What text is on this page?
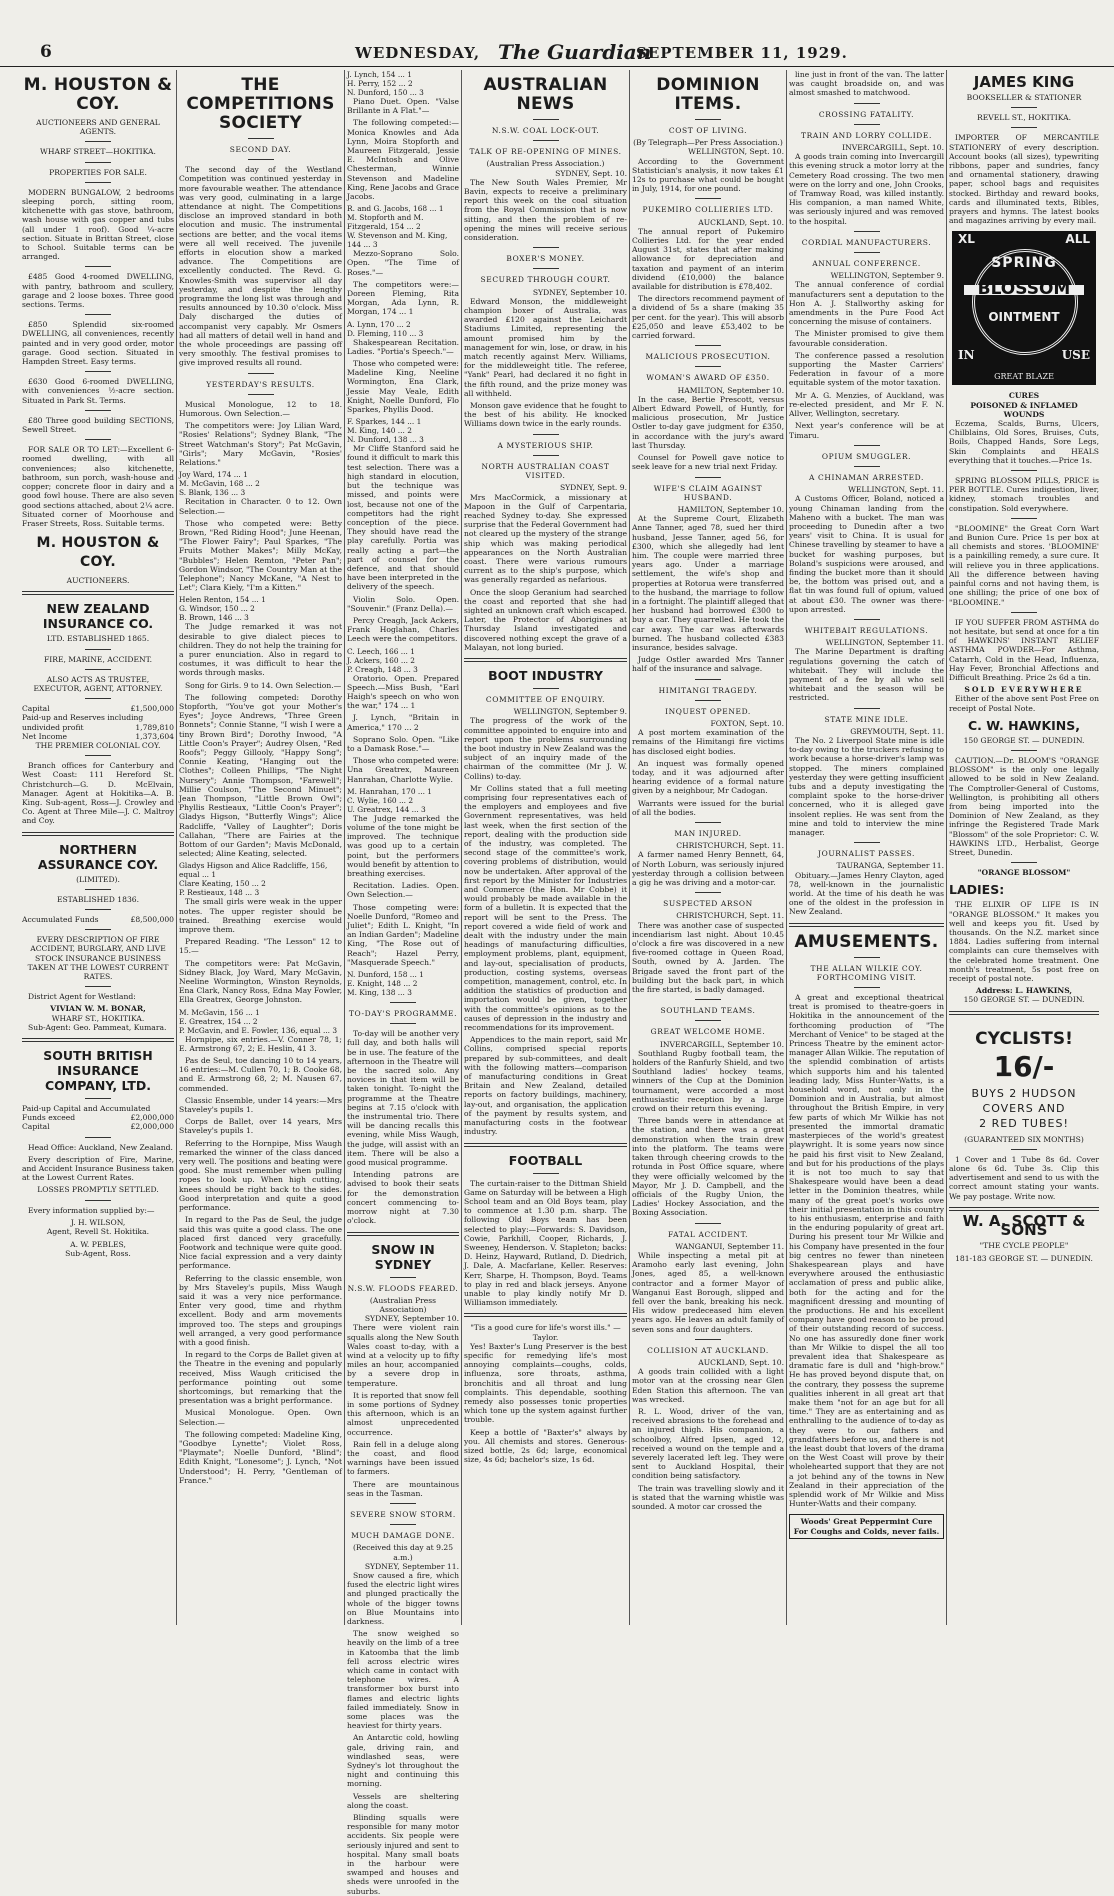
6	WEDNESDAY, The Guardian
SEPTEMBER 11, 1929.
M. HOUSTON & COY.
AUCTIONEERS AND GENERAL AGENTS.
WHARF STREET—HOKITIKA.
PROPERTIES FOR SALE.

MODERN BUNGALOW, 2 bedrooms sleeping porch, sitting room, kitchenette with gas stove, bathroom, wash house with gas copper and tubs (all under 1 roof). Good ¼-acre section. Situate in Brittan Street, close to School. Suitable terms can be arranged.

£485 Good 4-roomed DWELLING, with pantry, bathroom and scullery, garage and 2 loose boxes. Three good sections. Terms.

£850 Splendid six-roomed DWELLING, all conveniences, recently painted and in very good order, motor garage. Good section. Situated in Hampden Street. Easy terms.

£630 Good 6-roomed DWELLING, with conveniences ½-acre section. Situated in Park St. Terms.

£80 Three good building SECTIONS, Sewell Street.

FOR SALE OR TO LET:—Excellent 6-roomed dwelling, with all conveniences; also kitchenette, bathroom, sun porch, wash-house and copper; concrete floor in dairy and a good fowl house. There are also seven good sections attached, about 2¼ acre. Situated corner of Moorhouse and Fraser Streets, Ross. Suitable terms.

M. HOUSTON & COY.
AUCTIONEERS.
NEW ZEALAND INSURANCE CO.
LTD. ESTABLISHED 1865.
FIRE, MARINE, ACCIDENT.
ALSO ACTS AS TRUSTEE, EXECUTOR, AGENT, ATTORNEY.
Capital	£1,500,000
Paid-up and Reserves including undivided profit	1,789,810
Net Income	1,373,604
THE PREMIER COLONIAL COY.

Branch offices for Canterbury and West Coast: 111 Hereford St. Christchurch—G. D. McElvain, Manager. Agent at Hokitika—A. B. King. Sub-agent, Ross—J. Crowley and Co. Agent at Three Mile—J. C. Maltroy and Coy.

NORTHERN ASSURANCE COY.
(LIMITED).
ESTABLISHED 1836.
Accumulated Funds	£8,500,000
EVERY DESCRIPTION OF FIRE ACCIDENT, BURGLARY, AND LIVE STOCK INSURANCE BUSINESS TAKEN AT THE LOWEST CURRENT RATES.

District Agent for Westland:

VIVIAN W. M. BONAR,
WHARF ST., HOKITIKA.

Sub-Agent: Geo. Pammeat, Kumara.

SOUTH BRITISH INSURANCE COMPANY, LTD.
Paid-up Capital and Accumulated Funds exceed	£2,000,000
Capital	£2,000,000

Head Office: Auckland, New Zealand.

Every description of Fire, Marine, and Accident Insurance Business taken at the Lowest Current Rates.

LOSSES PROMPTLY SETTLED.

Every information supplied by:—

J. H. WILSON,
Agent, Revell St. Hokitika.
A. W. PEBLES,
Sub-Agent, Ross.
THE COMPETITIONS SOCIETY
SECOND DAY.

The second day of the Westland Competition was continued yesterday in more favourable weather. The attendance was very good, culminating in a large attendance at night. The Competitions disclose an improved standard in both elocution and music. The instrumental sections are better, and the vocal items were all well received. The juvenile efforts in elocution show a marked advance. The Competitions are excellently conducted. The Revd. G. Knowles-Smith was supervisor all day yesterday, and despite the lengthy programme the long list was through and results announced by 10.30 o'clock. Miss Daly discharged the duties of accompanist very capably. Mr Osmers had all matters of detail well in hand and the whole proceedings are passing off very smoothly. The festival promises to give improved results all round.

YESTERDAY'S RESULTS.

Musical Monologue, 12 to 18. Humorous. Own Selection.—

The competitors were: Joy Lilian Ward, "Rosies' Relations"; Sydney Blank, "The Street Watchman's Story"; Pat McGavin, "Girls"; Mary McGavin, "Rosies' Relations."

Joy Ward, 174 ... 1
M. McGavin, 168 ... 2
S. Blank, 136 ... 3

Recitation in Character. 0 to 12. Own Selection.—

Those who competed were: Betty Brown, "Red Riding Hood"; June Heenan, "The Flower Fairy"; Paul Sparkes, "The Fruits Mother Makes"; Milly McKay, "Bubbles"; Helen Remton, "Peter Pan"; Gordon Windsor, "The Country Man at the Telephone"; Nancy McKane, "A Nest to Let"; Clara Kiely, "I'm a Kitten."

Helen Renton, 154 ... 1
G. Windsor, 150 ... 2
B. Brown, 146 ... 3

The Judge remarked it was not desirable to give dialect pieces to children. They do not help the training for a purer enunciation. Also in regard to costumes, it was difficult to hear the words through masks.

Song for Girls. 9 to 14. Own Selection.—

The following competed: Dorothy Stopforth, "You've got your Mother's Eyes"; Joyce Andrews, "Three Green Bonnets"; Connie Stanne, "I wish I were a tiny Brown Bird"; Dorothy Inwood, "A Little Coon's Prayer"; Audrey Olsen, "Red Roofs"; Peggy Gillooly, "Happy Song"; Connie Keating, "Hanging out the Clothes"; Colleen Phillips, "The Night Nursery"; Annie Thompson, "Farewell"; Millie Coulson, "The Second Minuet"; Jean Thompson, "Little Brown Owl"; Phyllis Restieaux, "Little Coon's Prayer"; Gladys Higson, "Butterfly Wings"; Alice Radcliffe, "Valley of Laughter"; Doris Callahan, "There are Fairies at the Bottom of our Garden"; Mavis McDonald, selected; Aline Keating, selected.

Gladys Higson and Alice Radcliffe, 156, equal ... 1
Clare Keating, 150 ... 2
P. Restieaux, 148 ... 3

The small girls were weak in the upper notes. The upper register should be trained. Breathing exercise would improve them.

Prepared Reading. "The Lesson" 12 to 15.—

The competitors were: Pat McGavin, Sidney Black, Joy Ward, Mary McGavin, Neeline Wormington, Winston Reynolds, Ena Clark, Nancy Ross, Edna May Fowler, Ella Greatrex, George Johnston.

M. McGavin, 156 ... 1
E. Greatrex, 154 ... 2
P. McGavin, and E. Fowler, 136, equal ... 3

Hornpipe, six entries.—V. Conner 78, 1; E. Armstrong 67, 2; E. Heslin, 41 3.

Pas de Seul, toe dancing 10 to 14 years, 16 entries:—M. Cullen 70, 1; B. Cooke 68, and E. Armstrong 68, 2; M. Nausen 67, commended.

Classic Ensemble, under 14 years:—Mrs Staveley's pupils 1.

Corps de Ballet, over 14 years, Mrs Staveley's pupils 1.

Referring to the Hornpipe, Miss Waugh remarked the winner of the class danced very well. The positions and beating were good. She must remember when pulling ropes to look up. When high cutting, knees should be right back to the sides. Good interpretation and quite a good performance.

In regard to the Pas de Seul, the judge said this was quite a good class. The one placed first danced very gracefully. Footwork and technique were quite good. Nice facial expression and a very dainty performance.

Referring to the classic ensemble, won by Mrs Staveley's pupils, Miss Waugh said it was a very nice performance. Enter very good, time and rhythm excellent. Body and arm movements improved too. The steps and groupings well arranged, a very good performance with a good finish.

In regard to the Corps de Ballet given at the Theatre in the evening and popularly received, Miss Waugh criticised the performance pointing out some shortcomings, but remarking that the presentation was a bright performance.

Musical Monologue. Open. Own Selection.—

The following competed: Madeline King, "Goodbye Lynette"; Violet Ross, "Playmate"; Noelle Dunford, "Blind"; Edith Knight, "Lonesome"; J. Lynch, "Not Understood"; H. Perry, "Gentleman of France."

J. Lynch, 154 ... 1
H. Perry, 152 ... 2
N. Dunford, 150 ... 3

Piano Duet. Open. "Valse Brillante in A Flat."—

The following competed:—Monica Knowles and Ada Lynn, Moira Stopforth and Maureen Fitzgerald, Jessie E. McIntosh and Olive Chesterman, Winnie Stevenson and Madeline King, Rene Jacobs and Grace Jacobs.

R. and G. Jacobs, 168 ... 1
M. Stopforth and M. Fitzgerald, 154 ... 2
W. Stevenson and M. King, 144 ... 3

Mezzo-Soprano Solo. Open. "The Time of Roses."—

The competitors were:—Doreen Fleming, Rita Morgan, Ada Lynn, R. Morgan, 174 ... 1

A. Lynn, 170 ... 2
D. Fleming, 110 ... 3

Shakespearean Recitation. Ladies. "Portia's Speech."—

Those who competed were: Madeline King, Neeline Wormington, Ena Clark, Jessie May Veale, Edith Knight, Noelle Dunford, Flo Sparkes, Phyllis Dood.

F. Sparkes, 144 ... 1
M. King, 140 ... 2
N. Dunford, 138 ... 3

Mr Cliffe Stanford said he found it difficult to mark this test selection. There was a high standard in elocution, but the technique was missed, and points were lost, because not one of the competitors had the right conception of the piece. They should have read the play carefully. Portia was really acting a part—the part of counsel for the defence, and that should have been interpreted in the delivery of the speech.

Violin Solo. Open. "Souvenir." (Franz Della).—

Percy Creagh, Jack Ackers, Frank Hoglahan, Charles Leech were the competitors.

C. Leech, 166 ... 1
J. Ackers, 160 ... 2
P. Creagh, 148 ... 3

Oratorio. Open. Prepared Speech.—Miss Bush, "Earl Haigh's speech on who won the war," 174 ... 1

J. Lynch, "Britain in America," 170 ... 2

Soprano Solo. Open. "Like to a Damask Rose."—

Those who competed were: Una Greatrex, Maureen Hanrahan, Charlotte Wylie.

M. Hanrahan, 170 ... 1
C. Wylie, 160 ... 2
U. Greatrex, 144 ... 3

The Judge remarked the volume of the tone might be improved. The technique was good up to a certain point, but the performers would benefit by attention to breathing exercises.

Recitation. Ladies. Open. Own Selection.—

Those competing were: Noelle Dunford, "Romeo and Juliet"; Edith L. Knight, "In an Indian Garden"; Madeline King, "The Rose out of Reach"; Hazel Perry, "Masquerade Speech."

N. Dunford, 158 ... 1
E. Knight, 148 ... 2
M. King, 138 ... 3
TO-DAY'S PROGRAMME.

To-day will be another very full day, and both halls will be in use. The feature of the afternoon in the Theatre will be the sacred solo. Any novices in that item will be taken tonight. To-night the programme at the Theatre begins at 7.15 o'clock with the instrumental trio. There will be dancing recalls this evening, while Miss Waugh, the judge, will assist with an item. There will be also a good musical programme.

Intending patrons are advised to book their seats for the demonstration concert commencing to-morrow night at 7.30 o'clock.

SNOW IN SYDNEY
N.S.W. FLOODS FEARED.
(Australian Press Association)
SYDNEY, September 10.

There were violent rain squalls along the New South Wales coast to-day, with a wind at a velocity up to fifty miles an hour, accompanied by a severe drop in temperature.

It is reported that snow fell in some portions of Sydney this afternoon, which is an almost unprecedented occurrence.

Rain fell in a deluge along the coast, and flood warnings have been issued to farmers.

There are mountainous seas in the Tasman.

SEVERE SNOW STORM.
MUCH DAMAGE DONE.
(Received this day at 9.25 a.m.)
SYDNEY, September 11.

Snow caused a fire, which fused the electric light wires and plunged practically the whole of the bigger towns on Blue Mountains into darkness.

The snow weighed so heavily on the limb of a tree in Katoomba that the limb fell across electric wires which came in contact with telephone wires. A transformer box burst into flames and electric lights failed immediately. Snow in some places was the heaviest for thirty years.

An Antarctic cold, howling gale, driving rain, and windlashed seas, were Sydney's lot throughout the night and continuing this morning.

Vessels are sheltering along the coast.

Blinding squalls were responsible for many motor accidents. Six people were seriously injured and sent to hospital. Many small boats in the harbour were swamped and houses and sheds were unroofed in the suburbs.

AUSTRALIAN NEWS
N.S.W. COAL LOCK-OUT.
TALK OF RE-OPENING OF MINES.
(Australian Press Association.)
SYDNEY, Sept. 10.

The New South Wales Premier, Mr Bavin, expects to receive a preliminary report this week on the coal situation from the Royal Commission that is now sitting, and then the problem of re-opening the mines will receive serious consideration.

BOXER'S MONEY.
SECURED THROUGH COURT.
SYDNEY, September 10.

Edward Monson, the middleweight champion boxer of Australia, was awarded £120 against the Leichardt Stadiums Limited, representing the amount promised him by the management for win, lose, or draw, in his match recently against Merv. Williams, for the middleweight title. The referee, "Yank" Pearl, had declared it no fight in the fifth round, and the prize money was all withheld.

Monson gave evidence that he fought to the best of his ability. He knocked Williams down twice in the early rounds.

A MYSTERIOUS SHIP.
NORTH AUSTRALIAN COAST VISITED.
SYDNEY, Sept. 9.

Mrs MacCormick, a missionary at Mapoon in the Gulf of Carpentaria, reached Sydney to-day. She expressed surprise that the Federal Government had not cleared up the mystery of the strange ship which was making periodical appearances on the North Australian coast. There were various rumours current as to the ship's purpose, which was generally regarded as nefarious.

Once the sloop Geranium had searched the coast and reported that she had sighted an unknown craft which escaped. Later, the Protector of Aborigines at Thursday Island investigated and discovered nothing except the grave of a Malayan, not long buried.

BOOT INDUSTRY
COMMITTEE OF ENQUIRY.
WELLINGTON, September 9.

The progress of the work of the committee appointed to enquire into and report upon the problems surrounding the boot industry in New Zealand was the subject of an inquiry made of the chairman of the committee (Mr J. W. Collins) to-day.

Mr Collins stated that a full meeting comprising four representatives each of the employers and employees and five Government representatives, was held last week, when the first section of the report, dealing with the production side of the industry, was completed. The second stage of the committee's work, covering problems of distribution, would now be undertaken. After approval of the first report by the Minister for Industries and Commerce (the Hon. Mr Cobbe) it would probably be made available in the form of a bulletin. It is expected that the report will be sent to the Press. The report covered a wide field of work and dealt with the industry under the main headings of manufacturing difficulties, employment problems, plant, equipment, and lay-out, specialisation of products, production, costing systems, overseas competition, management, control, etc. In addition the statistics of production and importation would be given, together with the committee's opinions as to the causes of depression in the industry and recommendations for its improvement.

Appendices to the main report, said Mr Collins, comprised special reports prepared by sub-committees, and dealt with the following matters—comparison of manufacturing conditions in Great Britain and New Zealand, detailed reports on factory buildings, machinery, lay-out, and organisation, the application of the payment by results system, and manufacturing costs in the footwear industry.

FOOTBALL

The curtain-raiser to the Dittman Shield Game on Saturday will be between a High School team and an Old Boys team, play to commence at 1.30 p.m. sharp. The following Old Boys team has been selected to play:—Forwards: S. Davidson, Cowie, Parkhill, Cooper, Richards, J. Sweeney, Henderson. V. Stapleton; backs: D. Heinz, Hayward, Rutland, D. Diedrich, J. Dale, A. Macfarlane, Keller. Reserves: Kerr, Sharpe, H. Thompson, Boyd. Teams to play in red and black jerseys. Anyone unable to play kindly notify Mr D. Williamson immediately.

"Tis a good cure for life's worst ills." —Taylor.

Yes! Baxter's Lung Preserver is the best specific for remedying life's most annoying complaints—coughs, colds, influenza, sore throats, asthma, bronchitis and all throat and lung complaints. This dependable, soothing remedy also possesses tonic properties which tone up the system against further trouble.

Keep a bottle of "Baxter's" always by you. All chemists and stores. Generous-sized bottle, 2s 6d; large, economical size, 4s 6d; bachelor's size, 1s 6d.

DOMINION ITEMS.
COST OF LIVING.
(By Telegraph—Per Press Association.)
WELLINGTON, Sept. 10.

According to the Government Statistician's analysis, it now takes £1 12s to purchase what could be bought in July, 1914, for one pound.

PUKEMIRO COLLIERIES LTD.
AUCKLAND, Sept. 10.

The annual report of Pukemiro Collieries Ltd. for the year ended August 31st, states that after making allowance for depreciation and taxation and payment of an interim dividend (£10,000) the balance available for distribution is £78,402.

The directors recommend payment of a dividend of 5s a share (making 35 per cent. for the year). This will absorb £25,050 and leave £53,402 to be carried forward.

MALICIOUS PROSECUTION.
WOMAN'S AWARD OF £350.
HAMILTON, September 10.

In the case, Bertie Prescott, versus Albert Edward Powell, of Huntly, for malicious prosecution, Mr Justice Ostler to-day gave judgment for £350, in accordance with the jury's award last Thursday.

Counsel for Powell gave notice to seek leave for a new trial next Friday.

WIFE'S CLAIM AGAINST HUSBAND.
HAMILTON, September 10.

At the Supreme Court, Elizabeth Anne Tanner, aged 78, sued her third husband, Jesse Tanner, aged 56, for £300, which she allegedly had lent him. The couple were married three years ago. Under a marriage settlement, the wife's shop and properties at Rotorua were transferred to the husband, the marriage to follow in a fortnight. The plaintiff alleged that her husband had borrowed £300 to buy a car. They quarrelled. He took the car away. The car was afterwards burned. The husband collected £383 insurance, besides salvage.

Judge Ostler awarded Mrs Tanner half of the insurance and salvage.

HIMITANGI TRAGEDY.
INQUEST OPENED.
FOXTON, Sept. 10.

A post mortem examination of the remains of the Himitangi fire victims has disclosed eight bodies.

An inquest was formally opened today, and it was adjourned after hearing evidence of a formal nature given by a neighbour, Mr Cadogan.

Warrants were issued for the burial of all the bodies.

MAN INJURED.
CHRISTCHURCH, Sept. 11.

A farmer named Henry Bennett, 64, of North Loburn, was seriously injured yesterday through a collision between a gig he was driving and a motor-car.

SUSPECTED ARSON
CHRISTCHURCH, Sept. 11.

There was another case of suspected incendiarism last night. About 10.45 o'clock a fire was discovered in a new five-roomed cottage in Queen Road, South, owned by A. Jarden. The Brigade saved the front part of the building but the back part, in which the fire started, is badly damaged.

SOUTHLAND TEAMS.
GREAT WELCOME HOME.
INVERCARGILL, September 10.

Southland Rugby football team, the holders of the Ranfurly Shield, and two Southland ladies' hockey teams, winners of the Cup at the Dominion tournament, were accorded a most enthusiastic reception by a large crowd on their return this evening.

Three bands were in attendance at the station, and there was a great demonstration when the train drew into the platform. The teams were taken through cheering crowds to the rotunda in Post Office square, where they were officially welcomed by the Mayor, Mr J. D. Campbell, and the officials of the Rugby Union, the Ladies' Hockey Association, and the Boxing Association.

FATAL ACCIDENT.
WANGANUI, September 11.

While inspecting a metal pit at Aramoho early last evening, John Jones, aged 85, a well-known contractor and a former Mayor of Wanganui East Borough, slipped and fell over the bank, breaking his neck. His widow predeceased him eleven years ago. He leaves an adult family of seven sons and four daughters.

COLLISION AT AUCKLAND.
AUCKLAND, Sept. 10.

A goods train collided with a light motor van at the crossing near Glen Eden Station this afternoon. The van was wrecked.

R. L. Wood, driver of the van, received abrasions to the forehead and an injured thigh. His companion, a schoolboy, Alfred Ipsen, aged 12, received a wound on the temple and a severely lacerated left leg. They were sent to Auckland Hospital, their condition being satisfactory.

The train was travelling slowly and it is stated that the warning whistle was sounded. A motor car crossed the

line just in front of the van. The latter was caught broadside on, and was almost smashed to matchwood.

CROSSING FATALITY.
TRAIN AND LORRY COLLIDE.
INVERCARGILL, Sept. 10.

A goods train coming into Invercargill this evening struck a motor lorry at the Cemetery Road crossing. The two men were on the lorry and one, John Crooks, of Tramway Road, was killed instantly. His companion, a man named White, was seriously injured and was removed to the hospital.

CORDIAL MANUFACTURERS.
ANNUAL CONFERENCE.
WELLINGTON, September 9.

The annual conference of cordial manufacturers sent a deputation to the Hon A. J. Stallworthy asking for amendments in the Pure Food Act concerning the misuse of containers.

The Minister promised to give them favourable consideration.

The conference passed a resolution supporting the Master Carriers' Federation in favour of a more equitable system of the motor taxation.

Mr A. G. Menzies, of Auckland, was re-elected president, and Mr F. N. Allver, Wellington, secretary.

Next year's conference will be at Timaru.

OPIUM SMUGGLER.
A CHINAMAN ARRESTED.
WELLINGTON, Sept. 11.

A Customs Officer, Boland, noticed a young Chinaman landing from the Maheno with a bucket. The man was proceeding to Dunedin after a two years' visit to China. It is usual for Chinese travelling by steamer to have a bucket for washing purposes, but Boland's suspicions were aroused, and finding the bucket more than it should be, the bottom was prised out, and a flat tin was found full of opium, valued at about £30. The owner was there-upon arrested.

WHITEBAIT REGULATIONS.
WELLINGTON, September 11.

The Marine Department is drafting regulations governing the catch of whitebait. They will include the payment of a fee by all who sell whitebait and the season will be restricted.

STATE MINE IDLE.
GREYMOUTH, Sept. 11.

The No. 2 Liverpool State mine is idle to-day owing to the truckers refusing to work because a horse-driver's lamp was stopped. The miners complained yesterday they were getting insufficient tubs and a deputy investigating the complaint spoke to the horse-driver concerned, who it is alleged gave insolent replies. He was sent from the mine and told to interview the mine manager.

JOURNALIST PASSES.
TAURANGA, September 11.

Obituary.—James Henry Clayton, aged 78, well-known in the journalistic world. At the time of his death he was one of the oldest in the profession in New Zealand.

AMUSEMENTS.
THE ALLAN WILKIE COY. FORTHCOMING VISIT.

A great and exceptional theatrical treat is promised to theatre-goers in Hokitika in the announcement of the forthcoming production of "The Merchant of Venice" to be staged at the Princess Theatre by the eminent actor-manager Allan Wilkie. The reputation of the splendid combination of artists which supports him and his talented leading lady, Miss Hunter-Watts, is a household word, not only in the Dominion and in Australia, but almost throughout the British Empire, in very few parts of which Mr Wilkie has not presented the immortal dramatic masterpieces of the world's greatest playwright. It is some years now since he paid his first visit to New Zealand, and but for his productions of the plays it is not too much to say that Shakespeare would have been a dead letter in the Dominion theatres, while many of the great poet's works owe their initial presentation in this country to his enthusiasm, enterprise and faith in the enduring popularity of great art. During his present tour Mr Wilkie and his Company have presented in the four big centres no fewer than nineteen Shakespearean plays and have everywhere aroused the enthusiastic acclamation of press and public alike, both for the acting and for the magnificent dressing and mounting of the productions. He and his excellent company have good reason to be proud of their outstanding record of success. No one has assuredly done finer work than Mr Wilkie to dispel the all too prevalent idea that Shakespeare as dramatic fare is dull and "high-brow." He has proved beyond dispute that, on the contrary, they possess the supreme qualities inherent in all great art that make them "not for an age but for all time." They are as entertaining and as enthralling to the audience of to-day as they were to our fathers and grandfathers before us, and there is not the least doubt that lovers of the drama on the West Coast will prove by their wholehearted support that they are not a jot behind any of the towns in New Zealand in their appreciation of the splendid work of Mr Wilkie and Miss Hunter-Watts and their company.

Woods' Great Peppermint Cure For Coughs and Colds, never fails.
JAMES KING
BOOKSELLER & STATIONER
REVELL ST., HOKITIKA.

IMPORTER OF MERCANTILE STATIONERY of every description. Account books (all sizes), typewriting ribbons, paper and sundries, fancy and ornamental stationery, drawing paper, school bags and requisites stocked. Birthday and reward books, cards and illuminated texts, Bibles, prayers and hymns. The latest books and magazines arriving by every mail.

XL	ALL
SPRING
BLOSSOM
OINTMENT
IN	USE
GREAT BLAZE
CURES
POISONED & INFLAMED WOUNDS

Eczema, Scalds, Burns, Ulcers, Chilblains, Old Sores, Bruises, Cuts, Boils, Chapped Hands, Sore Legs, Skin Complaints and HEALS everything that it touches.—Price 1s.

SPRING BLOSSOM PILLS, PRICE is PER BOTTLE. Cures indigestion, liver, kidney, stomach troubles and constipation. Sold everywhere.

"BLOOMINE" the Great Corn Wart and Bunion Cure. Price 1s per box at all chemists and stores. 'BLOOMINE' is a painkilling remedy, a sure cure. It will relieve you in three applications. All the difference between having painful corns and not having them, is one shilling; the price of one box of "BLOOMINE."

IF YOU SUFFER FROM ASTHMA do not hesitate, but send at once for a tin of HAWKINS' INSTANT RELIEF ASTHMA POWDER—For Asthma, Catarrh, Cold in the Head, Influenza, Hay Fever, Bronchial Affections and Difficult Breathing. Price 2s 6d a tin.

SOLD EVERYWHERE

Either of the above sent Post Free on receipt of Postal Note.

C. W. HAWKINS,
150 GEORGE ST. — DUNEDIN.

CAUTION.—Dr. BLOOM'S "ORANGE BLOSSOM" is the only one legally allowed to be sold in New Zealand. The Comptroller-General of Customs, Wellington, is prohibiting all others from being imported into the Dominion of New Zealand, as they infringe the Registered Trade Mark "Blossom" of the sole Proprietor: C. W. HAWKINS LTD., Herbalist, George Street, Dunedin.

"ORANGE BLOSSOM"
LADIES:

THE ELIXIR OF LIFE IS IN "ORANGE BLOSSOM." It makes you well and keeps you fit. Used by thousands. On the N.Z. market since 1884. Ladies suffering from internal complaints can cure themselves with the celebrated home treatment. One month's treatment, 5s post free on receipt of postal note.

Address: L. HAWKINS,
150 GEORGE ST. — DUNEDIN.
CYCLISTS!
16/-
BUYS 2 HUDSON
COVERS AND
2 RED TUBES!
(GUARANTEED SIX MONTHS)

1 Cover and 1 Tube 8s 6d. Cover alone 6s 6d. Tube 3s. Clip this advertisement and send to us with the correct amount stating your wants. We pay postage. Write now.

W. A. SCOTT & SONS
"THE CYCLE PEOPLE"
181-183 GEORGE ST. — DUNEDIN.
